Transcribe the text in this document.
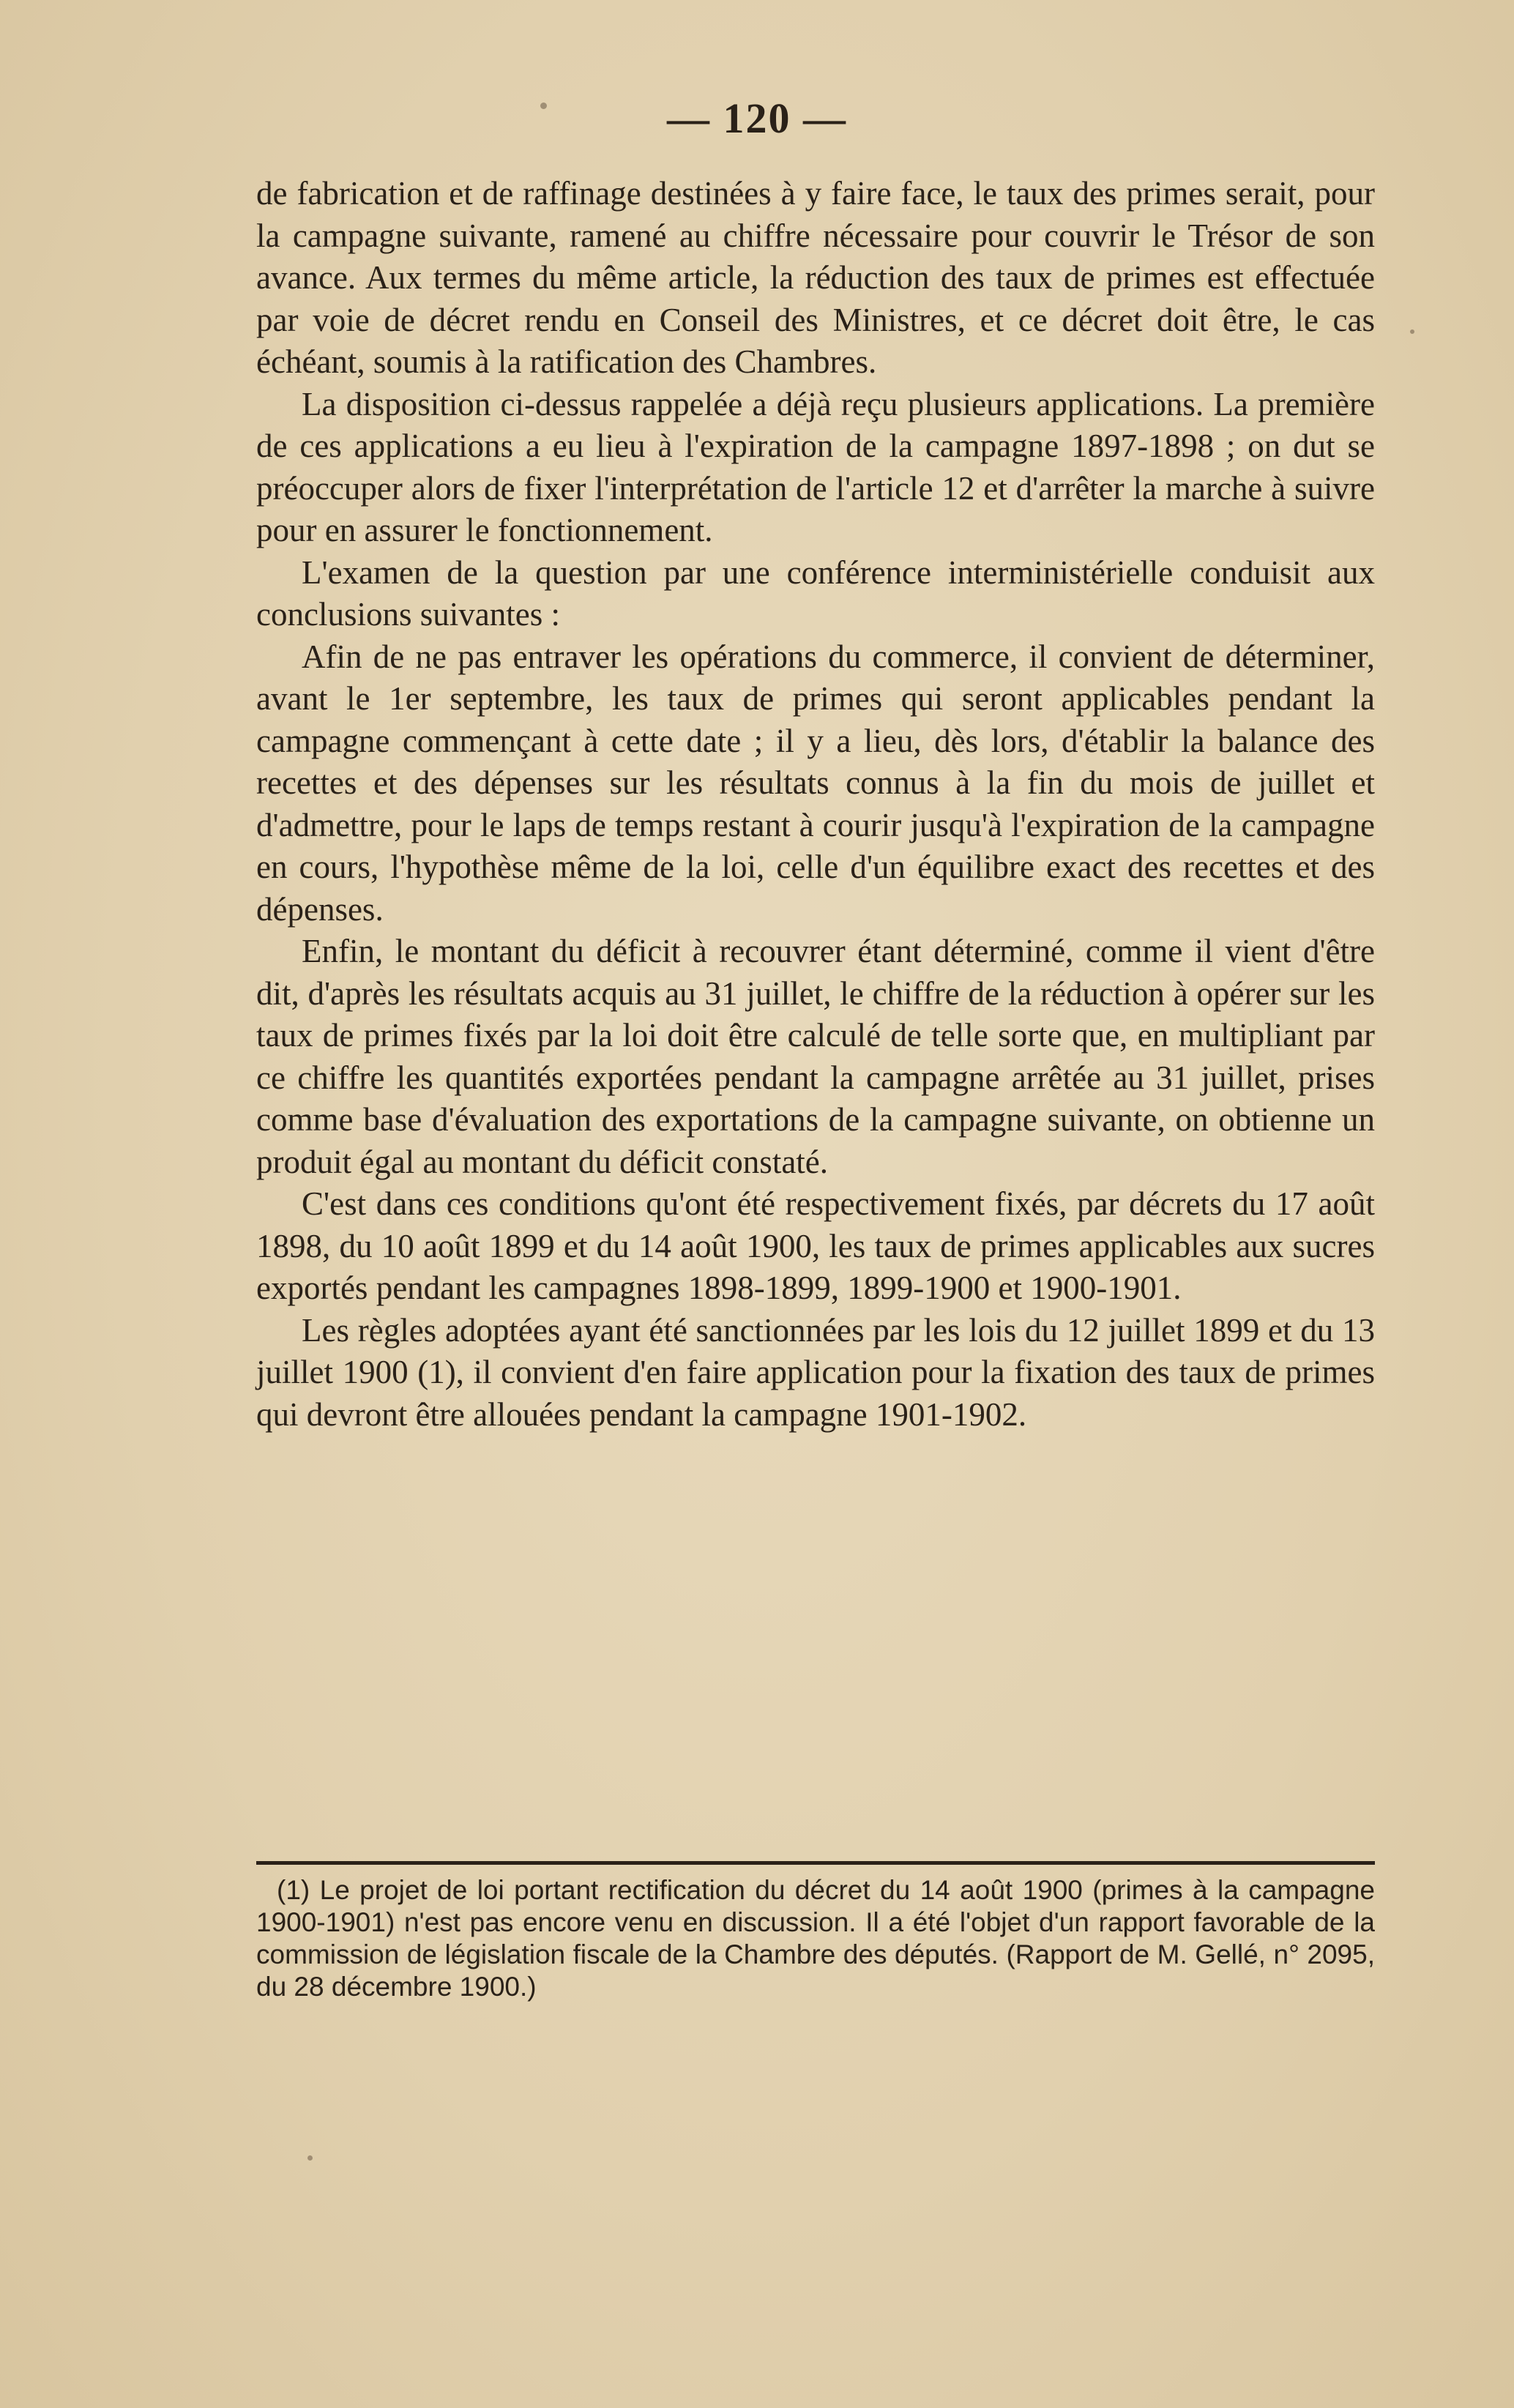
— 120 —

de fabrication et de raffinage destinées à y faire face, le taux des primes serait, pour la campagne suivante, ramené au chiffre nécessaire pour couvrir le Trésor de son avance. Aux termes du même article, la réduction des taux de primes est effectuée par voie de décret rendu en Conseil des Ministres, et ce décret doit être, le cas échéant, soumis à la ratification des Chambres.

La disposition ci-dessus rappelée a déjà reçu plusieurs applications. La première de ces applications a eu lieu à l'expiration de la campagne 1897-1898 ; on dut se préoccuper alors de fixer l'interprétation de l'article 12 et d'arrêter la marche à suivre pour en assurer le fonctionnement.

L'examen de la question par une conférence interministérielle conduisit aux conclusions suivantes :

Afin de ne pas entraver les opérations du commerce, il convient de déterminer, avant le 1er septembre, les taux de primes qui seront applicables pendant la campagne commençant à cette date ; il y a lieu, dès lors, d'établir la balance des recettes et des dépenses sur les résultats connus à la fin du mois de juillet et d'admettre, pour le laps de temps restant à courir jusqu'à l'expiration de la campagne en cours, l'hypothèse même de la loi, celle d'un équilibre exact des recettes et des dépenses.

Enfin, le montant du déficit à recouvrer étant déterminé, comme il vient d'être dit, d'après les résultats acquis au 31 juillet, le chiffre de la réduction à opérer sur les taux de primes fixés par la loi doit être calculé de telle sorte que, en multipliant par ce chiffre les quantités exportées pendant la campagne arrêtée au 31 juillet, prises comme base d'évaluation des exportations de la campagne suivante, on obtienne un produit égal au montant du déficit constaté.

C'est dans ces conditions qu'ont été respectivement fixés, par décrets du 17 août 1898, du 10 août 1899 et du 14 août 1900, les taux de primes applicables aux sucres exportés pendant les campagnes 1898-1899, 1899-1900 et 1900-1901.

Les règles adoptées ayant été sanctionnées par les lois du 12 juillet 1899 et du 13 juillet 1900 (1), il convient d'en faire application pour la fixation des taux de primes qui devront être allouées pendant la campagne 1901-1902.

(1) Le projet de loi portant rectification du décret du 14 août 1900 (primes à la campagne 1900-1901) n'est pas encore venu en discussion. Il a été l'objet d'un rapport favorable de la commission de législation fiscale de la Chambre des députés. (Rapport de M. Gellé, n° 2095, du 28 décembre 1900.)
